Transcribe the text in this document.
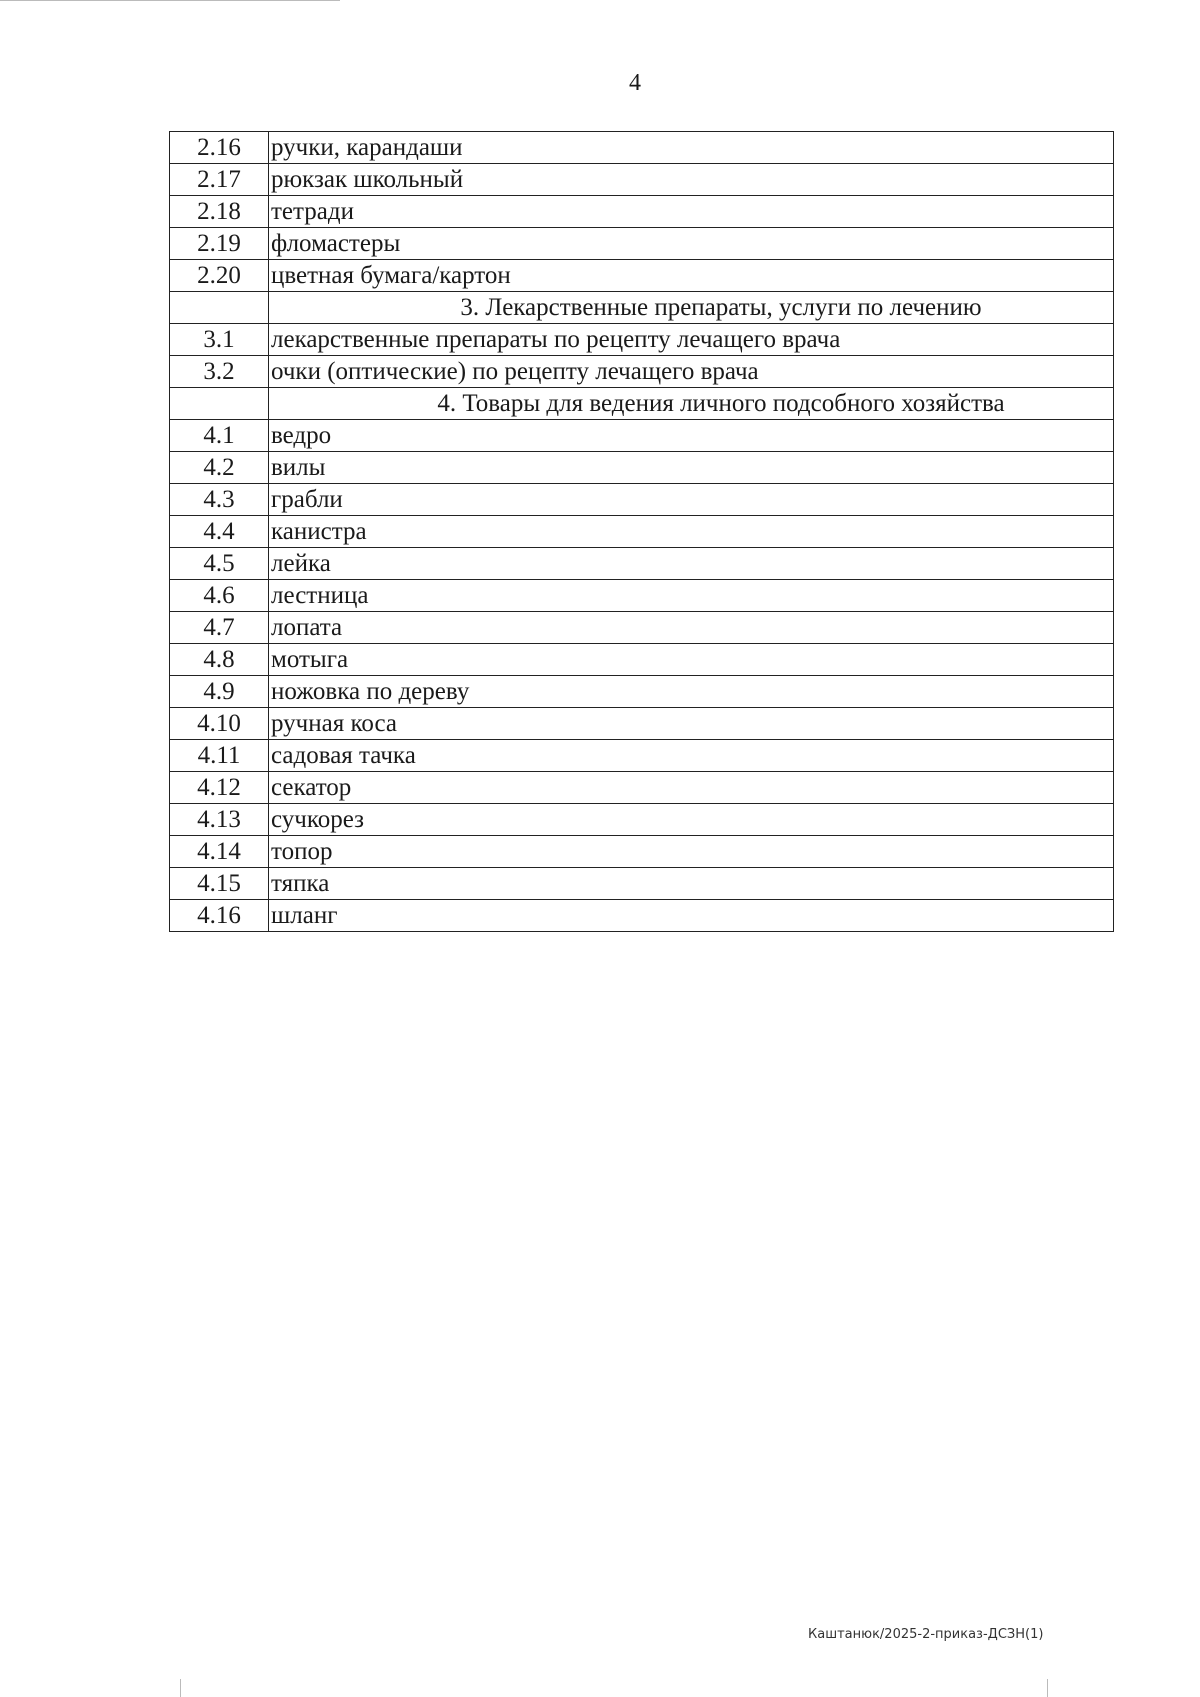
4
2.16	ручки, карандаши
2.17	рюкзак школьный
2.18	тетради
2.19	фломастеры
2.20	цветная бумага/картон
	3. Лекарственные препараты, услуги по лечению
3.1	лекарственные препараты по рецепту лечащего врача
3.2	очки (оптические) по рецепту лечащего врача
	4. Товары для ведения личного подсобного хозяйства
4.1	ведро
4.2	вилы
4.3	грабли
4.4	канистра
4.5	лейка
4.6	лестница
4.7	лопата
4.8	мотыга
4.9	ножовка по дереву
4.10	ручная коса
4.11	садовая тачка
4.12	секатор
4.13	сучкорез
4.14	топор
4.15	тяпка
4.16	шланг
Каштанюк/2025-2-приказ-ДСЗН(1)
